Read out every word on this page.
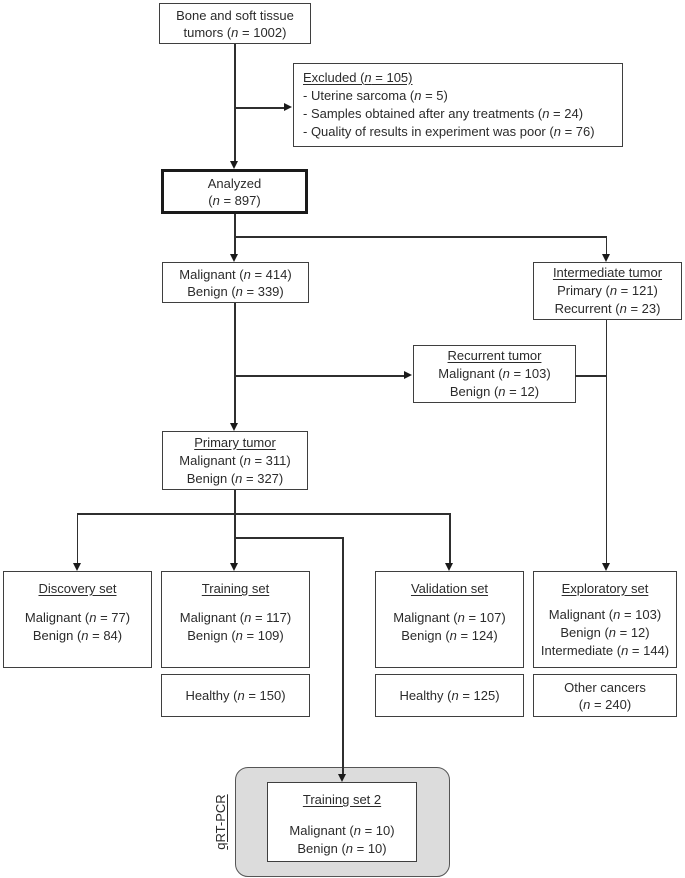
qRT-PCR
Bone and soft tissue
tumors (n = 1002)
Excluded (n = 105)
- Uterine sarcoma (n = 5)
- Samples obtained after any treatments (n = 24)
- Quality of results in experiment was poor (n = 76)
Analyzed
(n = 897)
Malignant (n = 414)
Benign (n = 339)
Intermediate tumor
Primary (n = 121)
Recurrent (n = 23)
Recurrent tumor
Malignant (n = 103)
Benign (n = 12)
Primary tumor
Malignant (n = 311)
Benign (n = 327)
Discovery set
Malignant (n = 77)
Benign (n = 84)
Training set
Malignant (n = 117)
Benign (n = 109)
Validation set
Malignant (n = 107)
Benign (n = 124)
Exploratory set
Malignant (n = 103)
Benign (n = 12)
Intermediate (n = 144)
Healthy (n = 150)	Healthy (n = 125)
Other cancers
(n = 240)
Training set 2
Malignant (n = 10)
Benign (n = 10)
